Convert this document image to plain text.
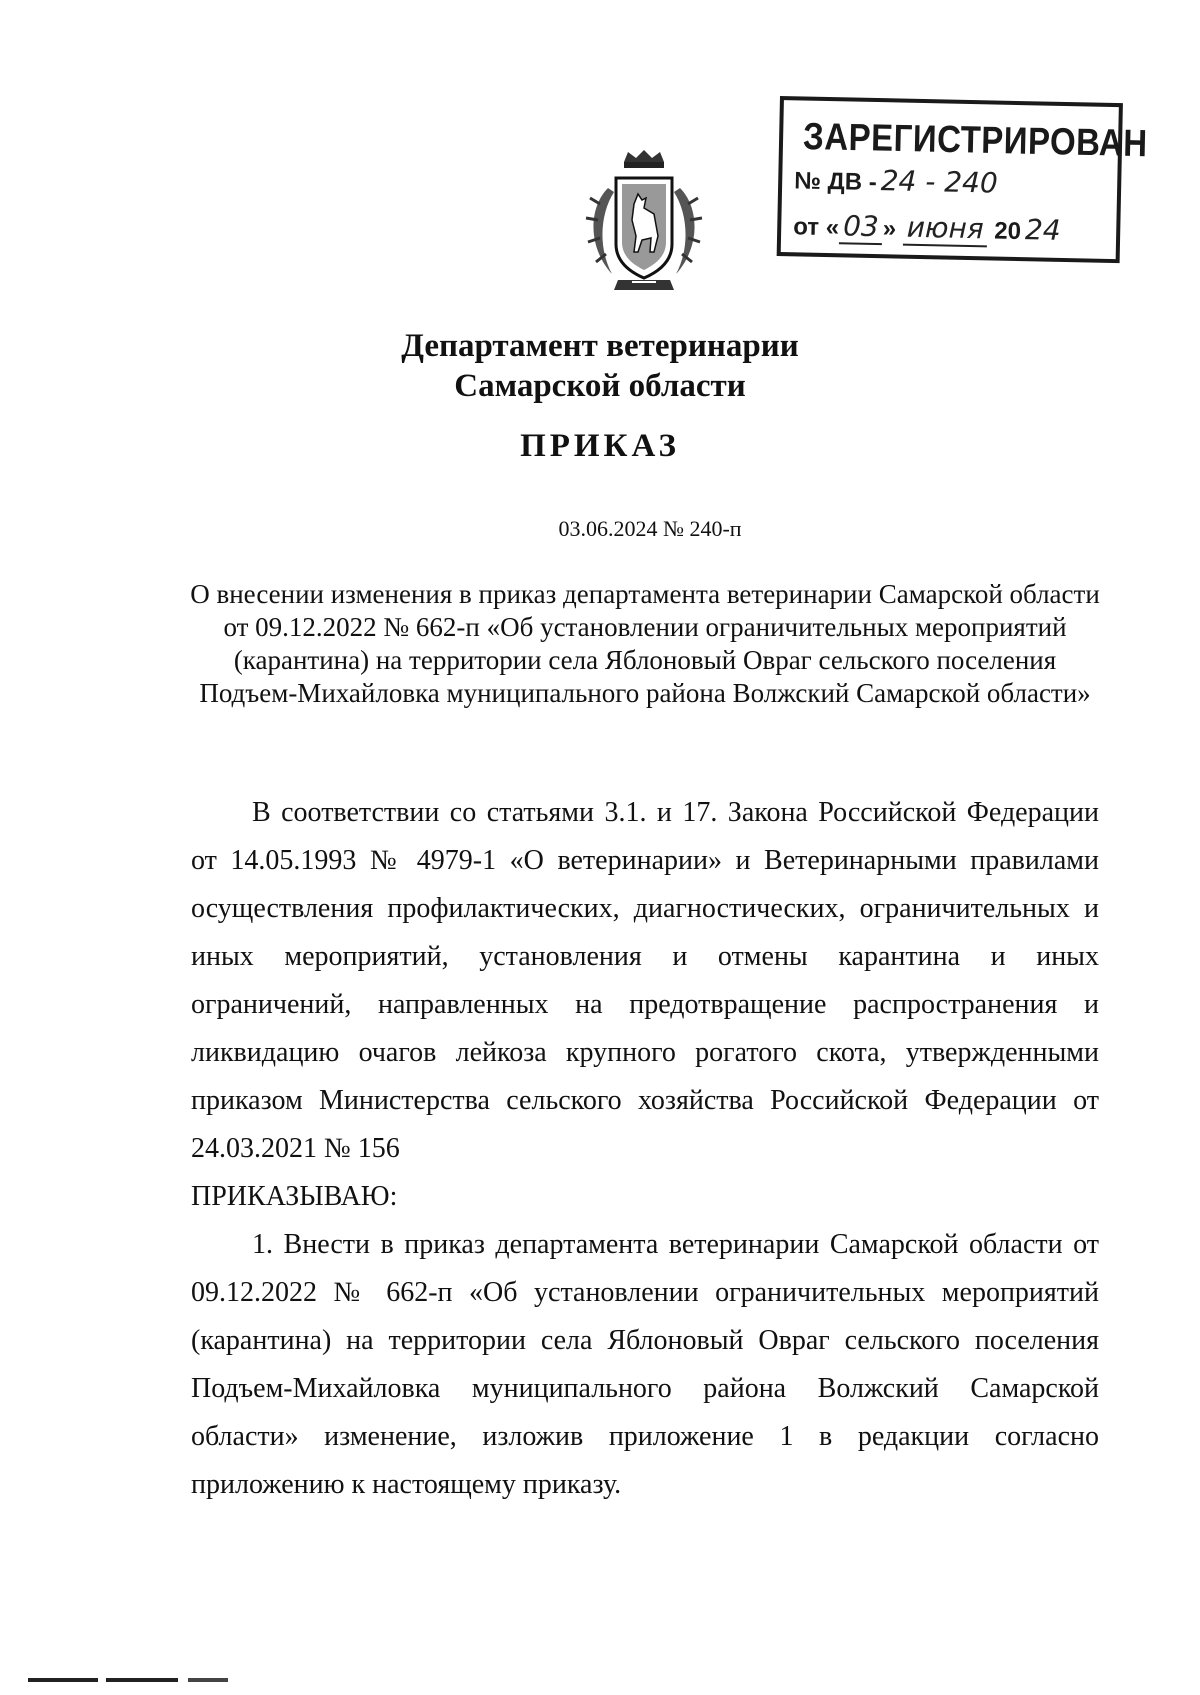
ЗАРЕГИСТРИРОВАН
№ ДВ - 24 - 240
от « 03 » июня 20 24
Департамент ветеринарии
Самарской области
ПРИКАЗ
03.06.2024 № 240-п
О внесении изменения в приказ департамента ветеринарии Самарской области от 09.12.2022 № 662-п «Об установлении ограничительных мероприятий (карантина) на территории села Яблоновый Овраг сельского поселения Подъем-Михайловка муниципального района Волжский Самарской области»

В соответствии со статьями 3.1. и 17. Закона Российской Федерации от 14.05.1993 № 4979-1 «О ветеринарии» и Ветеринарными правилами осуществления профилактических, диагностических, ограничительных и иных мероприятий, установления и отмены карантина и иных ограничений, направленных на предотвращение распространения и ликвидацию очагов лейкоза крупного рогатого скота, утвержденными приказом Министерства сельского хозяйства Российской Федерации от 24.03.2021 № 156

ПРИКАЗЫВАЮ:

1. Внести в приказ департамента ветеринарии Самарской области от 09.12.2022 № 662-п «Об установлении ограничительных мероприятий (карантина) на территории села Яблоновый Овраг сельского поселения Подъем-Михайловка муниципального района Волжский Самарской области» изменение, изложив приложение 1 в редакции согласно приложению к настоящему приказу.
